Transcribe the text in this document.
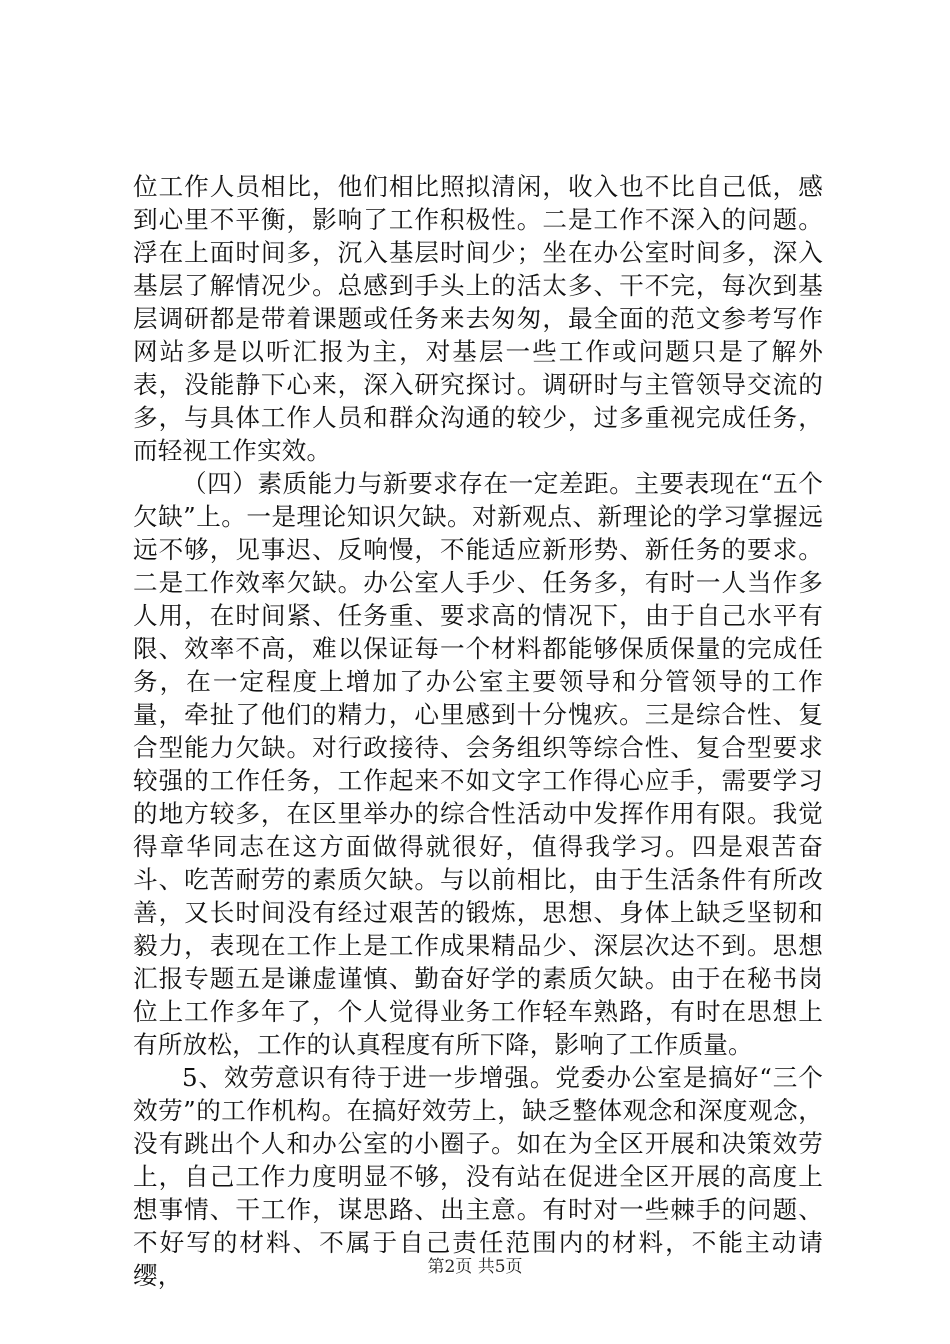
位工作人员相比，他们相比照拟清闲，收入也不比自己低，感到心里不平衡，影响了工作积极性。二是工作不深入的问题。浮在上面时间多，沉入基层时间少；坐在办公室时间多，深入基层了解情况少。总感到手头上的活太多、干不完，每次到基层调研都是带着课题或任务来去匆匆，最全面的范文参考写作网站多是以听汇报为主，对基层一些工作或问题只是了解外表，没能静下心来，深入研究探讨。调研时与主管领导交流的多，与具体工作人员和群众沟通的较少，过多重视完成任务，而轻视工作实效。

（四）素质能力与新要求存在一定差距。主要表现在“五个欠缺”上。一是理论知识欠缺。对新观点、新理论的学习掌握远远不够，见事迟、反响慢，不能适应新形势、新任务的要求。二是工作效率欠缺。办公室人手少、任务多，有时一人当作多人用，在时间紧、任务重、要求高的情况下，由于自己水平有限、效率不高，难以保证每一个材料都能够保质保量的完成任务，在一定程度上增加了办公室主要领导和分管领导的工作量，牵扯了他们的精力，心里感到十分愧疚。三是综合性、复合型能力欠缺。对行政接待、会务组织等综合性、复合型要求较强的工作任务，工作起来不如文字工作得心应手，需要学习的地方较多，在区里举办的综合性活动中发挥作用有限。我觉得章华同志在这方面做得就很好，值得我学习。四是艰苦奋斗、吃苦耐劳的素质欠缺。与以前相比，由于生活条件有所改善，又长时间没有经过艰苦的锻炼，思想、身体上缺乏坚韧和毅力，表现在工作上是工作成果精品少、深层次达不到。思想汇报专题五是谦虚谨慎、勤奋好学的素质欠缺。由于在秘书岗位上工作多年了，个人觉得业务工作轻车熟路，有时在思想上有所放松，工作的认真程度有所下降，影响了工作质量。

5、效劳意识有待于进一步增强。党委办公室是搞好“三个效劳”的工作机构。在搞好效劳上，缺乏整体观念和深度观念，没有跳出个人和办公室的小圈子。如在为全区开展和决策效劳上，自己工作力度明显不够，没有站在促进全区开展的高度上想事情、干工作，谋思路、出主意。有时对一些棘手的问题、不好写的材料、不属于自己责任范围内的材料，不能主动请缨，	第2页 共5页
